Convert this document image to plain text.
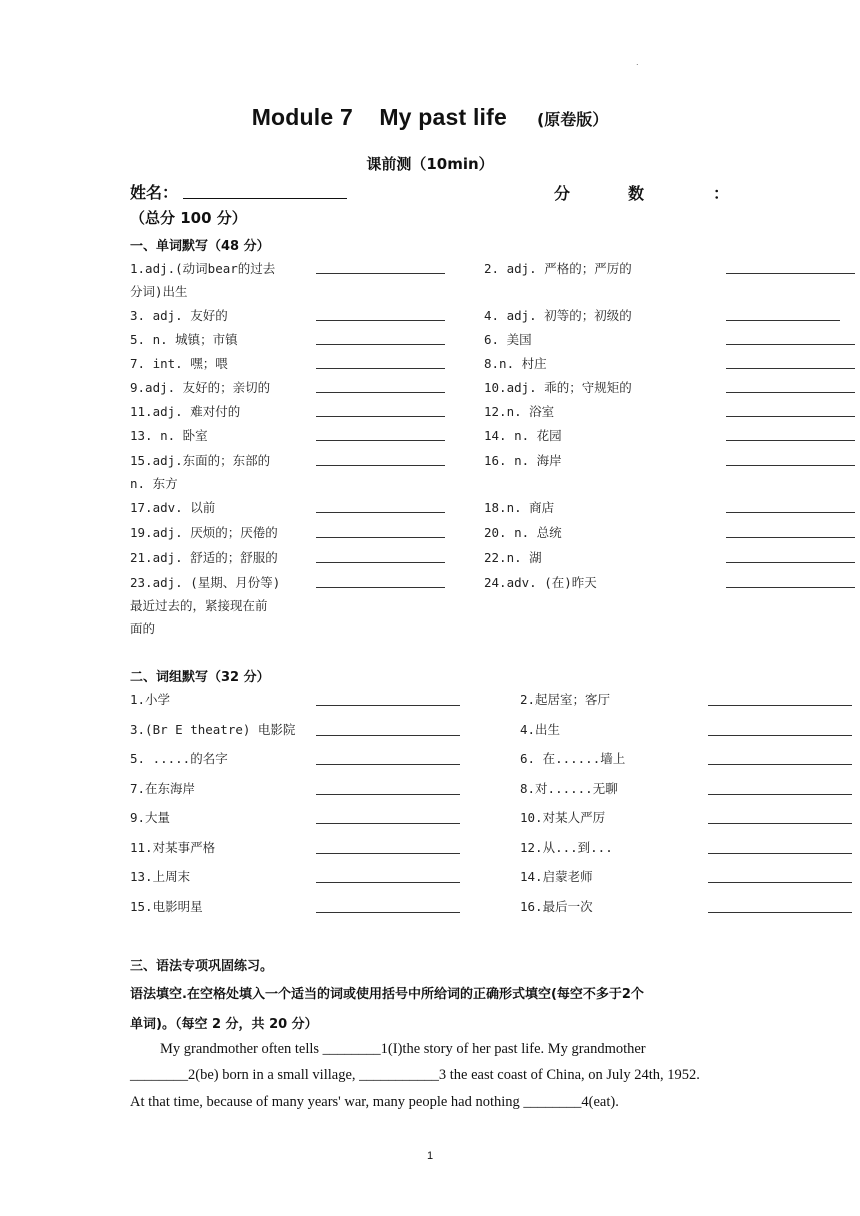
.
Module 7    My past life (原卷版）
课前测（10min）
姓名：	分数 ：
（总分 100 分）
一、单词默写（48 分）
1.adj.(动词bear的过去
分词)出生
3. adj. 友好的
5. n. 城镇；市镇
7. int. 嘿；喂
9.adj. 友好的；亲切的
11.adj. 难对付的
13. n. 卧室
15.adj.东面的；东部的
n. 东方
17.adv. 以前
19.adj. 厌烦的；厌倦的
21.adj. 舒适的；舒服的
23.adj. (星期、月份等)
最近过去的，紧接现在前
面的
2. adj. 严格的；严厉的
4. adj. 初等的；初级的
6. 美国
8.n. 村庄
10.adj. 乖的；守规矩的
12.n. 浴室
14. n. 花园
16. n. 海岸
18.n. 商店
20. n. 总统
22.n. 湖
24.adv. (在)昨天
二、词组默写（32 分）
1.小学
3.(Br E theatre) 电影院
5. .....的名字
7.在东海岸
9.大量
11.对某事严格
13.上周末
15.电影明星
2.起居室；客厅
4.出生
6. 在......墙上
8.对......无聊
10.对某人严厉
12.从...到...
14.启蒙老师
16.最后一次
三、语法专项巩固练习。
语法填空.在空格处填入一个适当的词或使用括号中所给词的正确形式填空(每空不多于2个
单词)。（每空 2 分，共 20 分）
My grandmother often tells ________1(I)the story of her past life. My grandmother
________2(be) born in a small village, ___________3 the east coast of China, on July 24th, 1952.
At that time, because of many years' war, many people had nothing ________4(eat).
1
